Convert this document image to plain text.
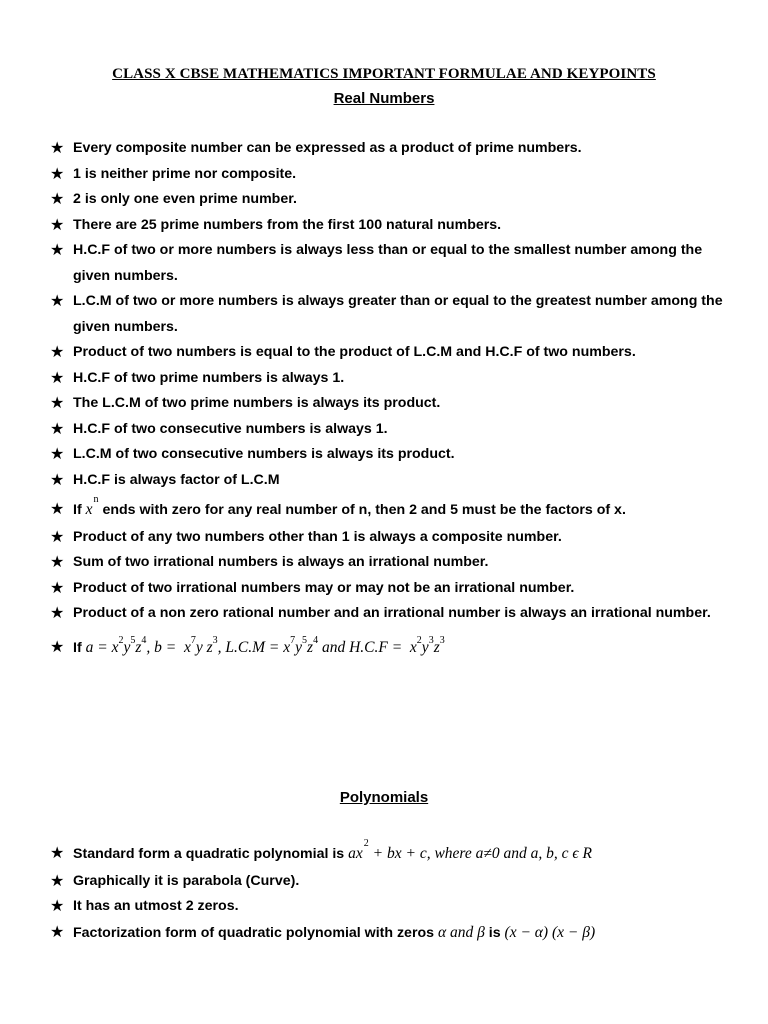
CLASS X CBSE MATHEMATICS IMPORTANT FORMULAE AND KEYPOINTS
Real Numbers
★ Every composite number can be expressed as a product of prime numbers.
★ 1 is neither prime nor composite.
★ 2 is only one even prime number.
★ There are 25 prime numbers from the first 100 natural numbers.
★ H.C.F of two or more numbers is always less than or equal to the smallest number among the given numbers.
★ L.C.M of two or more numbers is always greater than or equal to the greatest number among the given numbers.
★ Product of two numbers is equal to the product of L.C.M and H.C.F of two numbers.
★ H.C.F of two prime numbers is always 1.
★ The L.C.M of two prime numbers is always its product.
★ H.C.F of two consecutive numbers is always 1.
★ L.C.M of two consecutive numbers is always its product.
★ H.C.F is always factor of L.C.M
★ If $x^n$ ends with zero for any real number of n, then 2 and 5 must be the factors of x.
★ Product of any two numbers other than 1 is always a composite number.
★ Sum of two irrational numbers is always an irrational number.
★ Product of two irrational numbers may or may not be an irrational number.
★ Product of a non zero rational number and an irrational number is always an irrational number.
★ If $a = x^2y^5z^4$, $b = x^7y$ $z^3$, $L.C.M = x^7y^5z^4$ and $H.C.F = x^2y^3z^3$
Polynomials
★ Standard form a quadratic polynomial is $ax^2$ + bx + c, where a≠0 and a, b, c ϵ R
★ Graphically it is parabola (Curve).
★ It has an utmost 2 zeros.
★ Factorization form of quadratic polynomial with zeros α and β is (x − α) (x − β)
